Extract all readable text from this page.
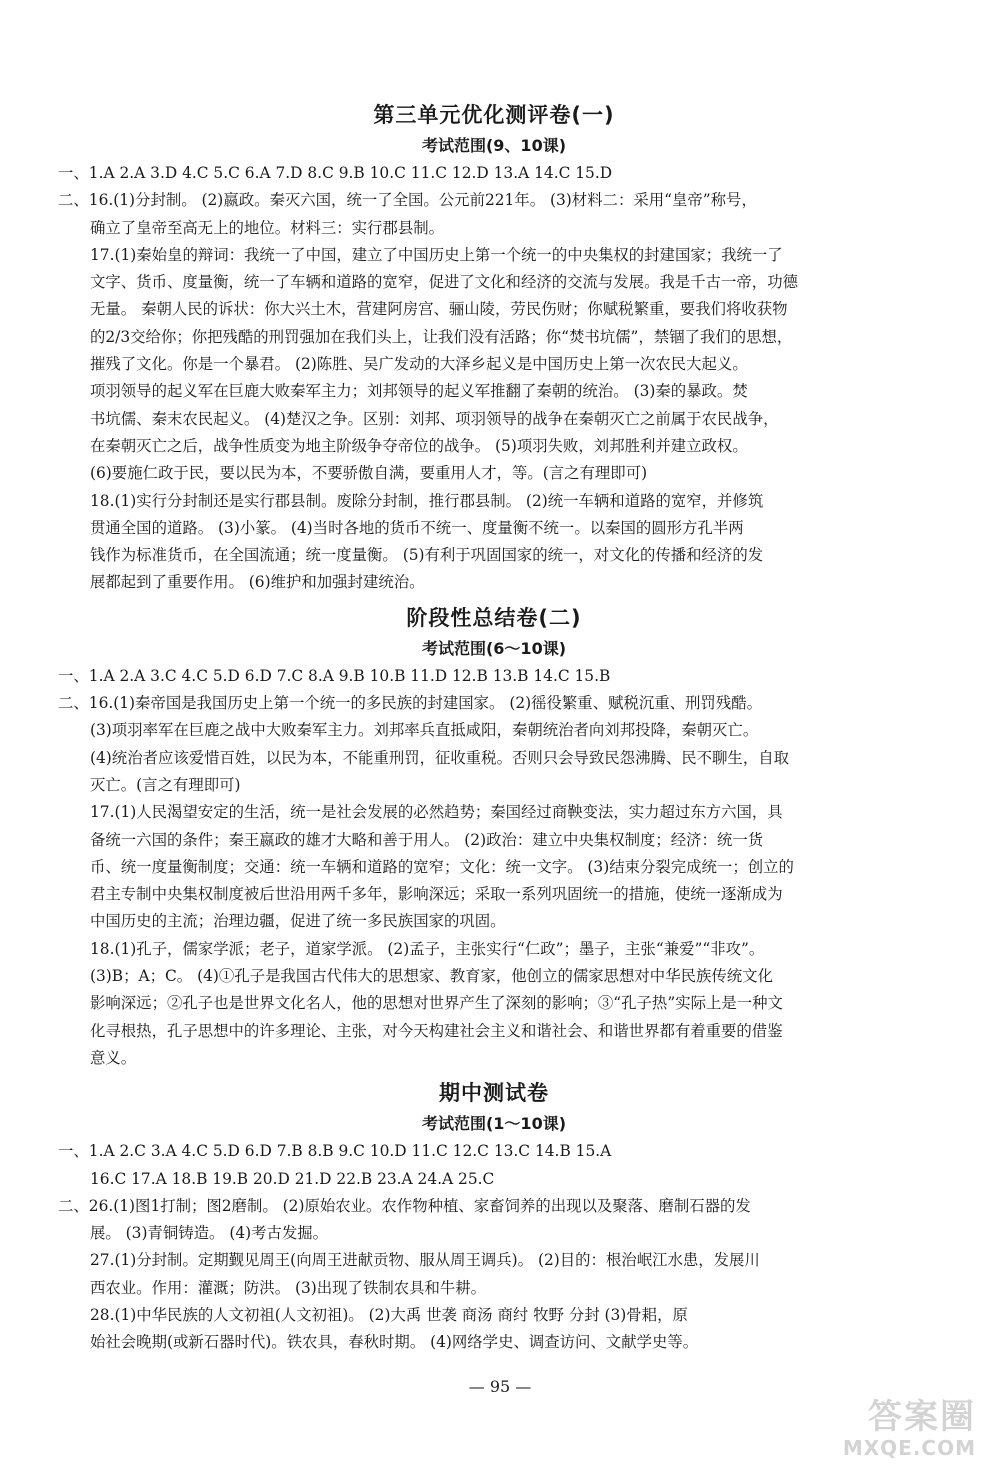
第三单元优化测评卷(一)
考试范围(9、10课)
一、1.A 2.A 3.D 4.C 5.C 6.A 7.D 8.C 9.B 10.C 11.C 12.D 13.A 14.C 15.D
二、16.(1)分封制。 (2)嬴政。秦灭六国，统一了全国。公元前221年。 (3)材料二：采用“皇帝”称号，
确立了皇帝至高无上的地位。材料三：实行郡县制。
17.(1)秦始皇的辩词：我统一了中国，建立了中国历史上第一个统一的中央集权的封建国家；我统一了
文字、货币、度量衡，统一了车辆和道路的宽窄，促进了文化和经济的交流与发展。我是千古一帝，功德
无量。 秦朝人民的诉状：你大兴土木，营建阿房宫、骊山陵，劳民伤财；你赋税繁重，要我们将收获物
的2/3交给你；你把残酷的刑罚强加在我们头上，让我们没有活路；你“焚书坑儒”，禁锢了我们的思想，
摧残了文化。你是一个暴君。 (2)陈胜、吴广发动的大泽乡起义是中国历史上第一次农民大起义。
项羽领导的起义军在巨鹿大败秦军主力；刘邦领导的起义军推翻了秦朝的统治。 (3)秦的暴政。焚
书坑儒、秦末农民起义。 (4)楚汉之争。区别：刘邦、项羽领导的战争在秦朝灭亡之前属于农民战争，
在秦朝灭亡之后，战争性质变为地主阶级争夺帝位的战争。 (5)项羽失败，刘邦胜利并建立政权。
(6)要施仁政于民，要以民为本，不要骄傲自满，要重用人才，等。(言之有理即可)
18.(1)实行分封制还是实行郡县制。废除分封制，推行郡县制。 (2)统一车辆和道路的宽窄，并修筑
贯通全国的道路。 (3)小篆。 (4)当时各地的货币不统一、度量衡不统一。以秦国的圆形方孔半两
钱作为标准货币，在全国流通；统一度量衡。 (5)有利于巩固国家的统一，对文化的传播和经济的发
展都起到了重要作用。 (6)维护和加强封建统治。
阶段性总结卷(二)
考试范围(6～10课)
一、1.A 2.A 3.C 4.C 5.D 6.D 7.C 8.A 9.B 10.B 11.D 12.B 13.B 14.C 15.B
二、16.(1)秦帝国是我国历史上第一个统一的多民族的封建国家。 (2)徭役繁重、赋税沉重、刑罚残酷。
(3)项羽率军在巨鹿之战中大败秦军主力。刘邦率兵直抵咸阳，秦朝统治者向刘邦投降，秦朝灭亡。
(4)统治者应该爱惜百姓，以民为本，不能重刑罚，征收重税。否则只会导致民怨沸腾、民不聊生，自取
灭亡。(言之有理即可)
17.(1)人民渴望安定的生活，统一是社会发展的必然趋势；秦国经过商鞅变法，实力超过东方六国，具
备统一六国的条件；秦王嬴政的雄才大略和善于用人。 (2)政治：建立中央集权制度；经济：统一货
币、统一度量衡制度；交通：统一车辆和道路的宽窄；文化：统一文字。 (3)结束分裂完成统一；创立的
君主专制中央集权制度被后世沿用两千多年，影响深远；采取一系列巩固统一的措施，使统一逐渐成为
中国历史的主流；治理边疆，促进了统一多民族国家的巩固。
18.(1)孔子，儒家学派；老子，道家学派。 (2)孟子，主张实行“仁政”；墨子，主张“兼爱”“非攻”。
(3)B；A；C。 (4)①孔子是我国古代伟大的思想家、教育家，他创立的儒家思想对中华民族传统文化
影响深远；②孔子也是世界文化名人，他的思想对世界产生了深刻的影响；③“孔子热”实际上是一种文
化寻根热，孔子思想中的许多理论、主张，对今天构建社会主义和谐社会、和谐世界都有着重要的借鉴
意义。
期中测试卷
考试范围(1～10课)
一、1.A 2.C 3.A 4.C 5.D 6.D 7.B 8.B 9.C 10.D 11.C 12.C 13.C 14.B 15.A
16.C 17.A 18.B 19.B 20.D 21.D 22.B 23.A 24.A 25.C
二、26.(1)图1打制；图2磨制。 (2)原始农业。农作物种植、家畜饲养的出现以及聚落、磨制石器的发
展。 (3)青铜铸造。 (4)考古发掘。
27.(1)分封制。定期觐见周王(向周王进献贡物、服从周王调兵)。 (2)目的：根治岷江水患，发展川
西农业。作用：灌溉；防洪。 (3)出现了铁制农具和牛耕。
28.(1)中华民族的人文初祖(人文初祖)。 (2)大禹 世袭 商汤 商纣 牧野 分封 (3)骨耜，原
始社会晚期(或新石器时代)。铁农具，春秋时期。 (4)网络学史、调查访问、文献学史等。
— 95 —
答案圈
MXQE.COM
